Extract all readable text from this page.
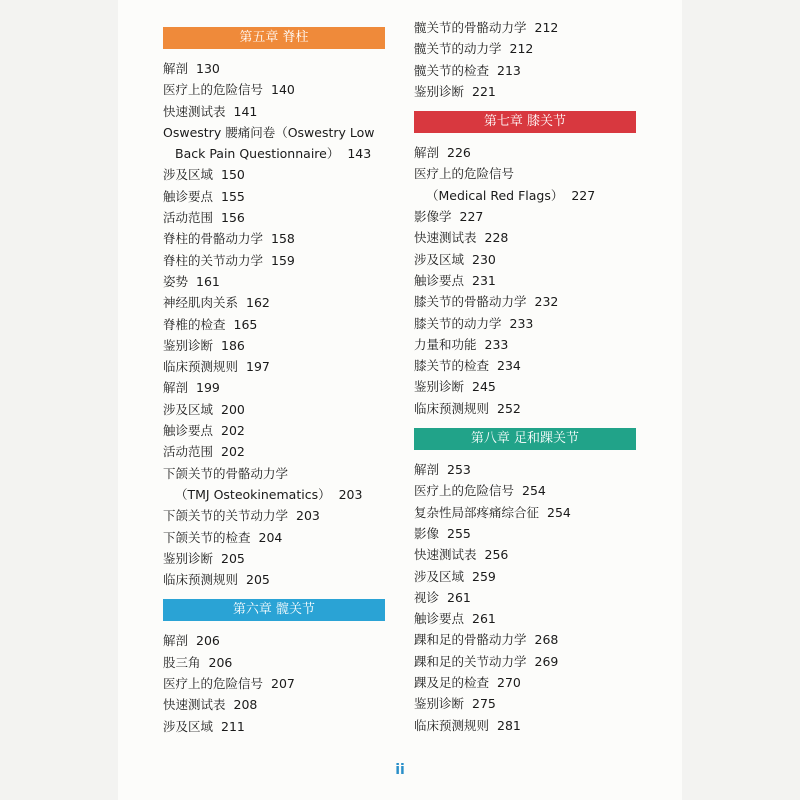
第五章 脊柱
解剖 130
医疗上的危险信号 140
快速测试表 141
Oswestry 腰痛问卷（Oswestry Low
Back Pain Questionnaire） 143
涉及区域 150
触诊要点 155
活动范围 156
脊柱的骨骼动力学 158
脊柱的关节动力学 159
姿势 161
神经肌肉关系 162
脊椎的检查 165
鉴别诊断 186
临床预测规则 197
解剖 199
涉及区域 200
触诊要点 202
活动范围 202
下颌关节的骨骼动力学
（TMJ Osteokinematics） 203
下颌关节的关节动力学 203
下颌关节的检查 204
鉴别诊断 205
临床预测规则 205
第六章 髋关节
解剖 206
股三角 206
医疗上的危险信号 207
快速测试表 208
涉及区域 211
髋关节的骨骼动力学 212
髋关节的动力学 212
髋关节的检查 213
鉴别诊断 221
第七章 膝关节
解剖 226
医疗上的危险信号
（Medical Red Flags） 227
影像学 227
快速测试表 228
涉及区域 230
触诊要点 231
膝关节的骨骼动力学 232
膝关节的动力学 233
力量和功能 233
膝关节的检查 234
鉴别诊断 245
临床预测规则 252
第八章 足和踝关节
解剖 253
医疗上的危险信号 254
复杂性局部疼痛综合征 254
影像 255
快速测试表 256
涉及区域 259
视诊 261
触诊要点 261
踝和足的骨骼动力学 268
踝和足的关节动力学 269
踝及足的检查 270
鉴别诊断 275
临床预测规则 281
ii
